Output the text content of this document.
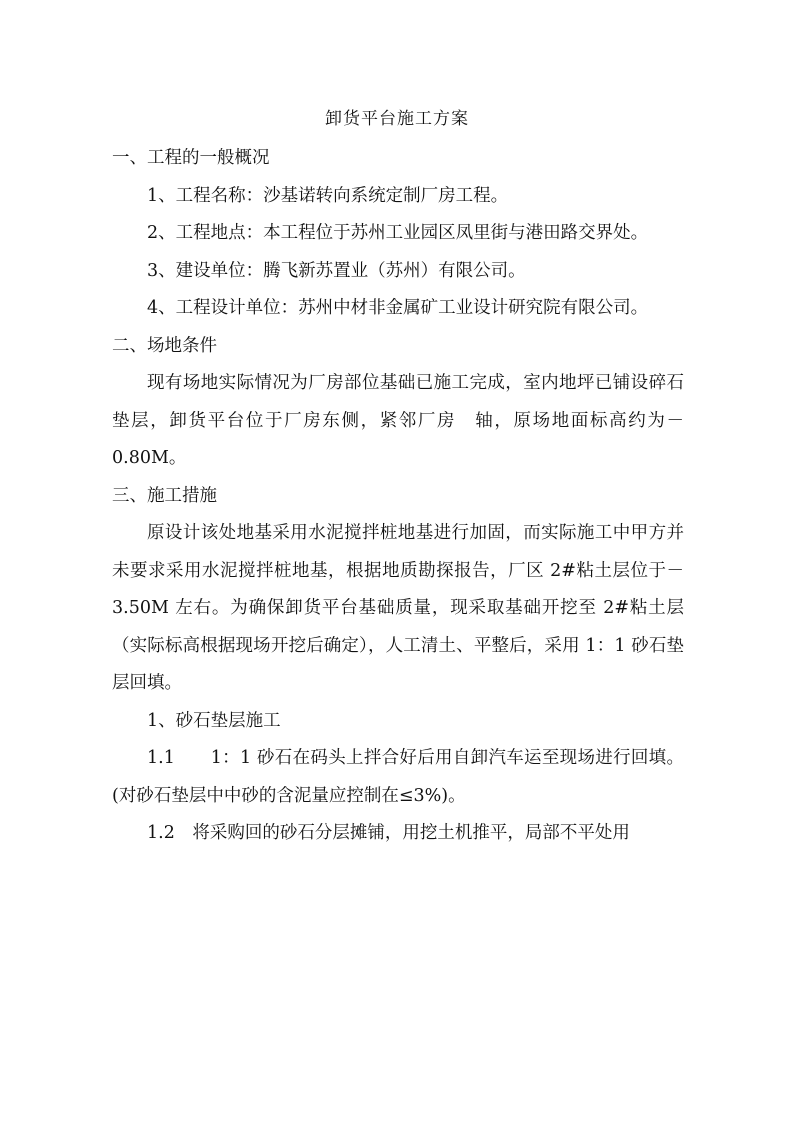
卸货平台施工方案

一、工程的一般概况

1、工程名称：沙基诺转向系统定制厂房工程。

2、工程地点：本工程位于苏州工业园区凤里街与港田路交界处。

3、建设单位：腾飞新苏置业（苏州）有限公司。

4、工程设计单位：苏州中材非金属矿工业设计研究院有限公司。

二、场地条件

现有场地实际情况为厂房部位基础已施工完成，室内地坪已铺设碎石垫层，卸货平台位于厂房东侧，紧邻厂房　轴，原场地面标高约为－0.80M。

三、施工措施

原设计该处地基采用水泥搅拌桩地基进行加固，而实际施工中甲方并未要求采用水泥搅拌桩地基，根据地质勘探报告，厂区 2#粘土层位于－3.50M 左右。为确保卸货平台基础质量，现采取基础开挖至 2#粘土层（实际标高根据现场开挖后确定），人工清土、平整后，采用 1：1 砂石垫层回填。

1、砂石垫层施工

1.1　　1：1 砂石在码头上拌合好后用自卸汽车运至现场进行回填。(对砂石垫层中中砂的含泥量应控制在≤3%)。

1.2　将采购回的砂石分层摊铺，用挖土机推平，局部不平处用
